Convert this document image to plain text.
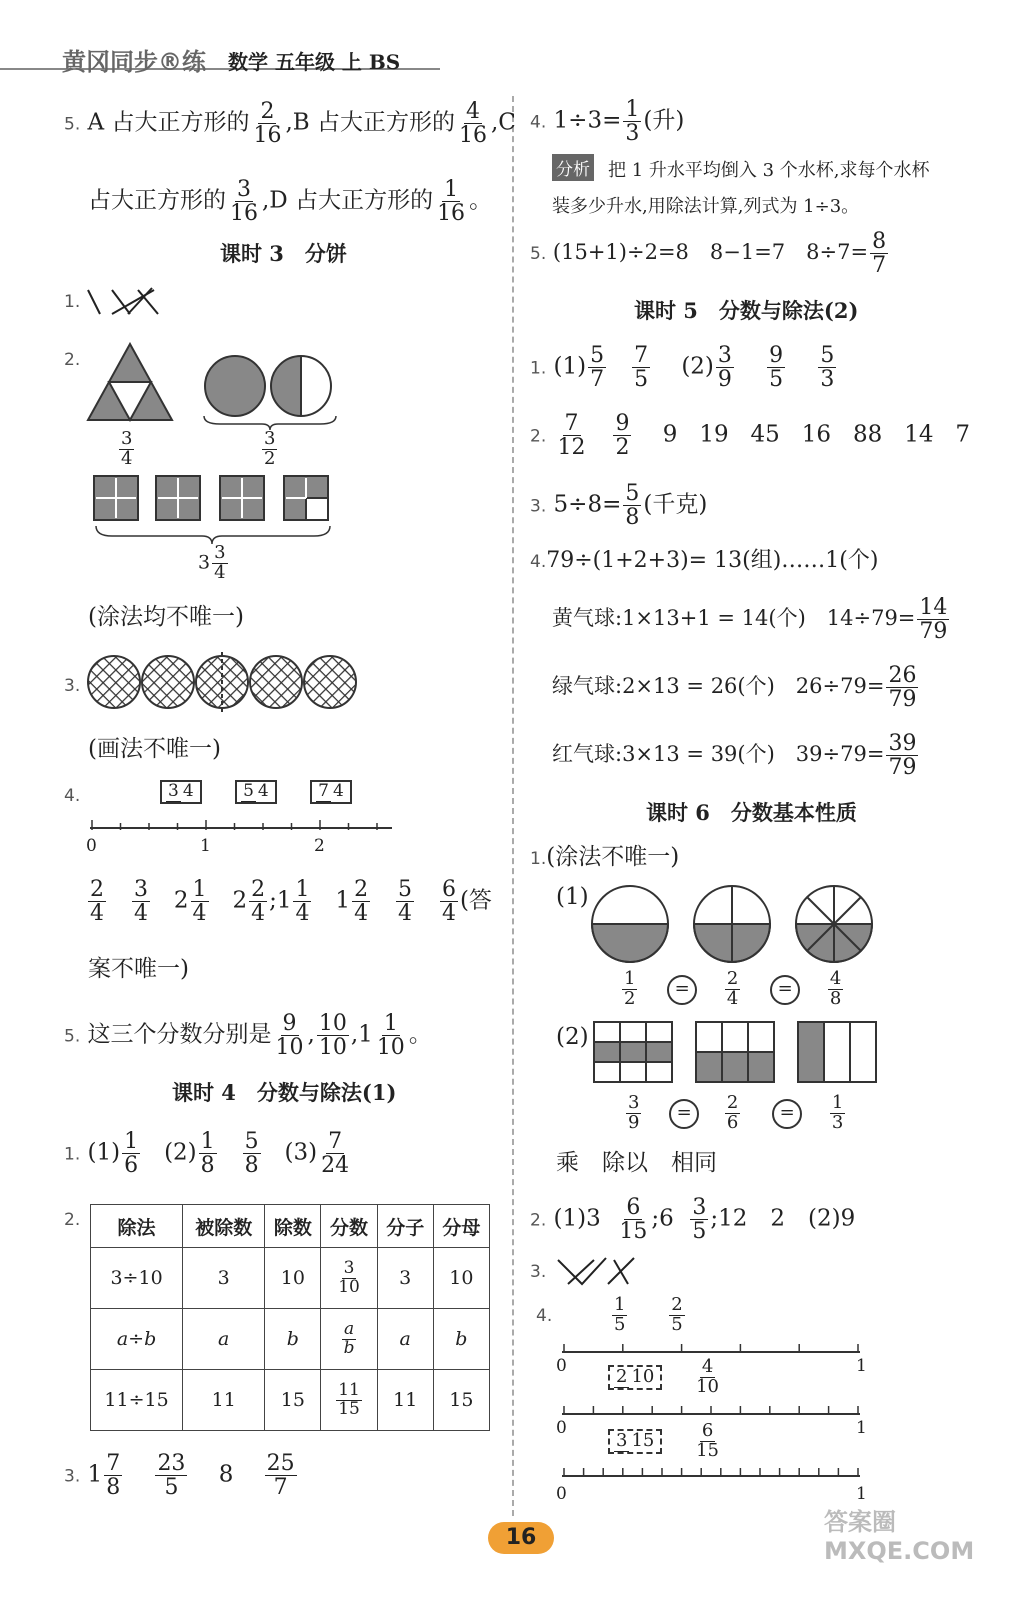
黄冈同步®练 数学 五年级 上 BS
5. A 占大正方形的 $\frac{2}{16} ,B$ 占大正方形的 $\frac{4}{16} ,C$
占大正方形的 $\frac{3}{16} ,D$ 占大正方形的 $\frac{1}{16}$ 。
课时 3　分饼
1.
2.
$\frac{3}{4}$	$\frac{3}{2}$
$3 \frac{3}{4}$
(涂法均不唯一)
3.
(画法不唯一)
4.	3 4	5 4	7 4
0	1	2
$\frac{2}{4}$
$\frac{3}{4} 2 \frac{1}{4} 2 \frac{2}{4}$ ;1 $\frac{1}{4} 1 \frac{2}{4}$
$\frac{5}{4}$
$\frac{6}{4}$ (答
案不唯一)
5. 这三个分数分别是 $\frac{9}{10}$ , $\frac{10}{10} ,1 \frac{1}{10}$ 。
课时 4　分数与除法(1)
1. $(1) \frac{1}{6} (2) \frac{1}{8}$
$\frac{5}{8} (3) \frac{7}{24}$
2. 除法	被除数	除数	分数	分子	分母
3÷10	3	10	$\frac{3}{10}$	3	10
a÷b	a	b	$\frac{a}{b}$	a	b
11÷15	11	15	$\frac{11}{15}$	11	15
3. $1 \frac{7}{8}$
$\frac{23}{5} 8 \frac{25}{7}$
4. $1\div 3= \frac{1}{3}$ (升)
分析 把 1 升水平均倒入 3 个水杯,求每个水杯
装多少升水,用除法计算,列式为 1÷3。
5. (15+1)÷2=8　8−1=7　$8\div 7= \frac{8}{7}$
课时 5　分数与除法(2)
1. $(1) \frac{5}{7}$
$\frac{7}{5} (2) \frac{3}{9}$
$\frac{9}{5}$
$\frac{5}{3}$
2. $\frac{7}{12}$
$\frac{9}{2} 9$ 19 45 16 88 14 7
3. $5\div 8= \frac{5}{8}$ (千克)
4.79÷(1+2+3)= 13(组)……1(个)
黄气球:1×13+1 = 14(个)　$14\div 79= \frac{14}{79}$
绿气球:2×13 = 26(个)　$26\div 79= \frac{26}{79}$
红气球:3×13 = 39(个)　$39\div 79= \frac{39}{79}$
课时 6　分数基本性质
1.(涂法不唯一)
(1)
$\frac{1}{2} = \frac{2}{4} = \frac{4}{8}$
(2)
$\frac{3}{9} = \frac{2}{6} = \frac{1}{3}$
乘　除以　相同
2. $(1)3 \frac{6}{15}$ ;6 $\frac{3}{5}$ ;12　2　(2)9
3.
4.	$\frac{1}{5}$
$\frac{2}{5}$
0	1
0	1
0	1
2 $10 \frac{4}{10}$
3 $15 \frac{6}{15}$
16
答案圈 MXQE.COM
